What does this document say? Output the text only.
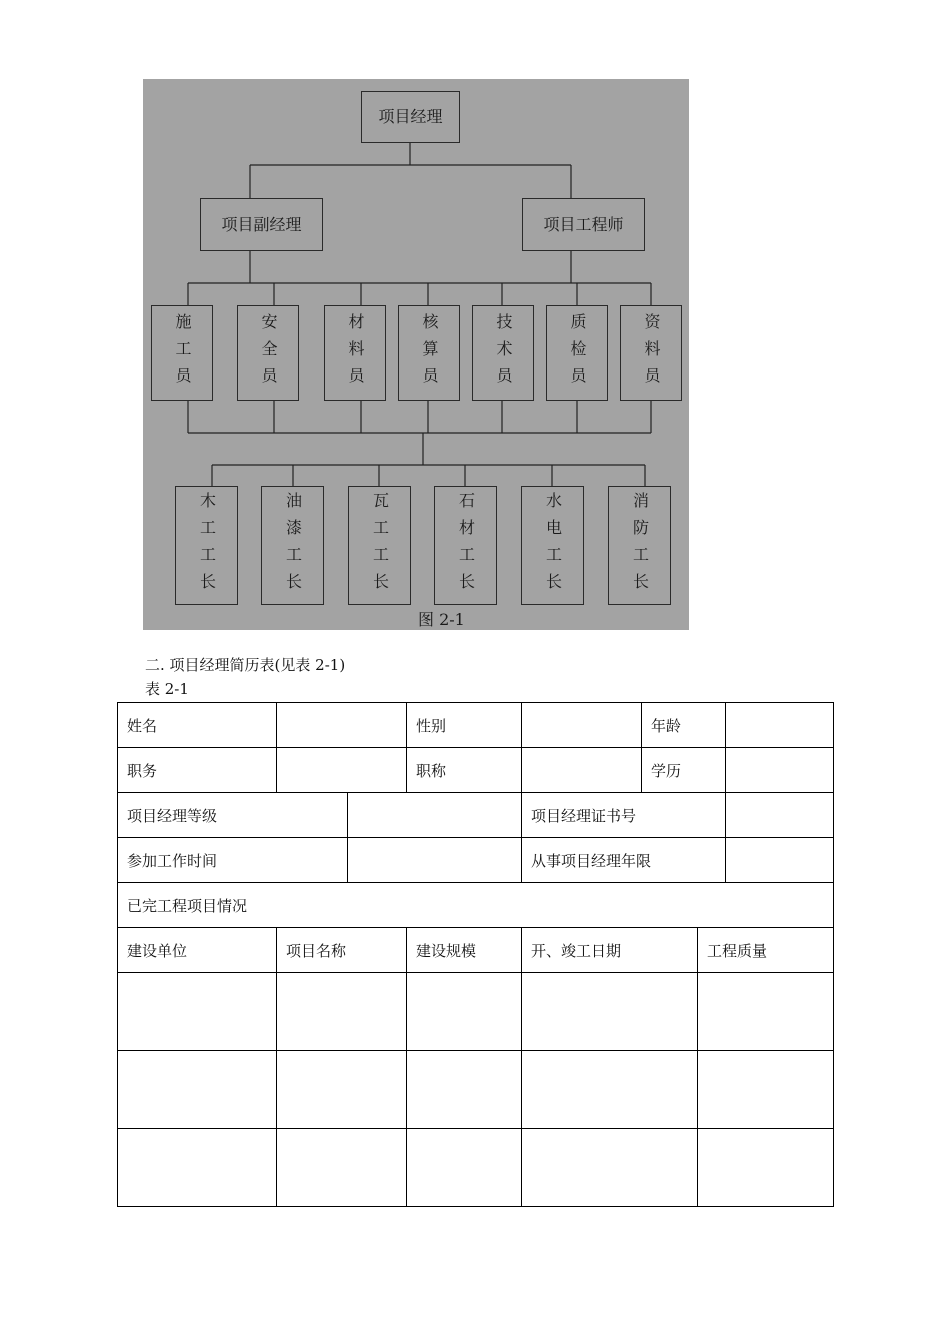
项目经理
项目副经理	项目工程师
施工员	安全员	材料员	核算员	技术员	质检员	资料员
木工工长	油漆工长	瓦工工长	石材工长	水电工长	消防工长
图 2-1
二. 项目经理简历表(见表 2-1)
表 2-1
姓名			性别		年龄		
职务			职称		学历		
项目经理等级				项目经理证书号			
参加工作时间				从事项目经理年限			
已完工程项目情况							
建设单位	项目名称		建设规模	开、竣工日期		工程质量	
